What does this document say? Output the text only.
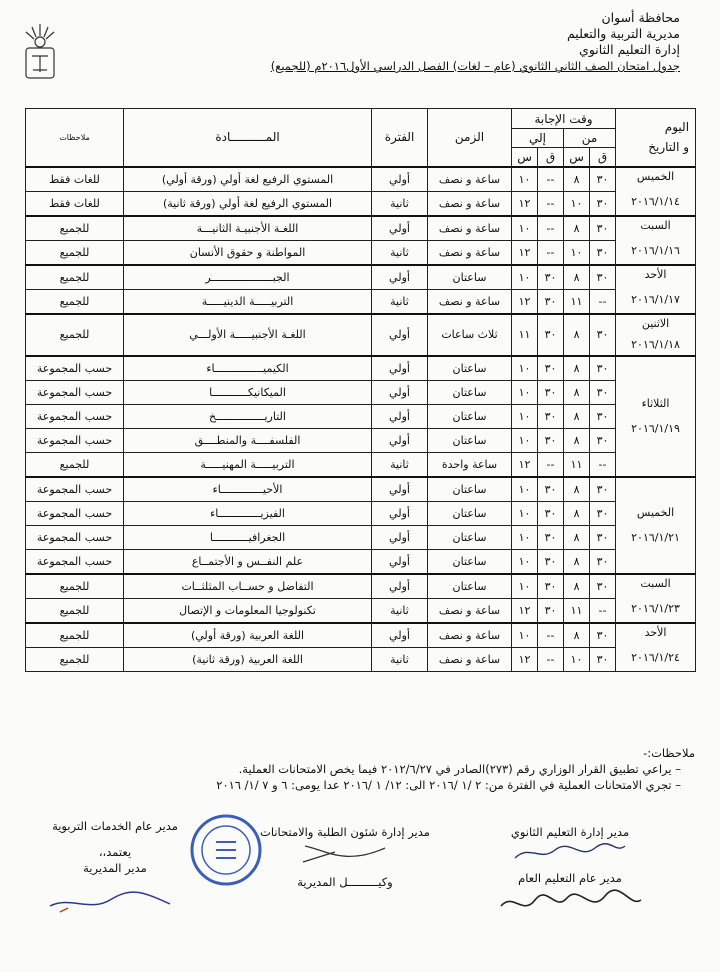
محافظة أسوان
مديرية التربية والتعليم
إدارة التعليم الثانوي
جدول امتحان الصف الثاني الثانوي (عام – لغات) الفصل الدراسي الأول٢٠١٦م (للجميع)
اليوم
و التاريخ	وقت الإجابة				الزمن	الفترة	المــــــــــادة	ملاحظات
	من		إلي					
	ق	س	ق	س				

الخميس
٢٠١٦/١/١٤	٣٠	٨	--	١٠	ساعة و نصف	أولي	المستوي الرفيع لغة أولي (ورقة أولي)	للغات فقط
	٣٠	١٠	--	١٢	ساعة و نصف	ثانية	المستوي الرفيع لغة أولي (ورقة ثانية)	للغات فقط

السبت
٢٠١٦/١/١٦	٣٠	٨	--	١٠	ساعة و نصف	أولي	اللغـة الأجنبيـة الثانيـــة	للجميع
	٣٠	١٠	--	١٢	ساعة و نصف	ثانية	المواطنة و حقوق الأنسان	للجميع

الأحد
٢٠١٦/١/١٧	٣٠	٨	٣٠	١٠	ساعتان	أولي	الجبـــــــــــــــــــر	للجميع
	--	١١	٣٠	١٢	ساعة و نصف	ثانية	التربيـــــة الدينيـــــة	للجميع

الاثنين
٢٠١٦/١/١٨	٣٠	٨	٣٠	١١	ثلاث ساعات	أولي	اللغـة الأجنبيـــــة الأولـــي	للجميع

الثلاثاء
٢٠١٦/١/١٩	٣٠	٨	٣٠	١٠	ساعتان	أولي	الكيميـــــــــــــــاء	حسب المجموعة
	٣٠	٨	٣٠	١٠	ساعتان	أولي	الميكانيكـــــــــــا	حسب المجموعة
	٣٠	٨	٣٠	١٠	ساعتان	أولي	التاريـــــــــــــــخ	حسب المجموعة
	٣٠	٨	٣٠	١٠	ساعتان	أولي	الفلسفــــة والمنطــــق	حسب المجموعة
	--	١١	--	١٢	ساعة واحدة	ثانية	التربيـــــة المهنيـــــة	للجميع

الخميس
٢٠١٦/١/٢١	٣٠	٨	٣٠	١٠	ساعتان	أولي	الأحيـــــــــــــاء	حسب المجموعة
	٣٠	٨	٣٠	١٠	ساعتان	أولي	الفيزيـــــــــــــاء	حسب المجموعة
	٣٠	٨	٣٠	١٠	ساعتان	أولي	الجغرافيـــــــــــا	حسب المجموعة
	٣٠	٨	٣٠	١٠	ساعتان	أولي	علم النفــس و الأجتمــاع	حسب المجموعة

السبت
٢٠١٦/١/٢٣	٣٠	٨	٣٠	١٠	ساعتان	أولي	التفاضل و حســاب المثلثــات	للجميع
	--	١١	٣٠	١٢	ساعة و نصف	ثانية	تكنولوجيا المعلومات و الإتصال	للجميع

الأحد
٢٠١٦/١/٢٤	٣٠	٨	--	١٠	ساعة و نصف	أولي	اللغة العربية (ورقة أولي)	للجميع
	٣٠	١٠	--	١٢	ساعة و نصف	ثانية	اللغة العربية (ورقة ثانية)	للجميع
ملاحظات:-
– يراعي تطبيق القرار الوزاري رقم (٢٧٣)الصادر في ٢٠١٢/٦/٢٧ فيما يخص الامتحانات العملية.
– تجري الامتحانات العملية في الفترة من: ٢ /١ /٢٠١٦ الى: ١٢/ ١ /٢٠١٦ عدا يومى: ٦ و ٧ /١/ ٢٠١٦
مدير إدارة التعليم الثانوي
مدير عام التعليم العام
مدير إدارة شئون الطلبة والامتحانات
وكيـــــــــل المديرية
مدير عام الخدمات التربوية
يعتمد،،
مدير المديرية
